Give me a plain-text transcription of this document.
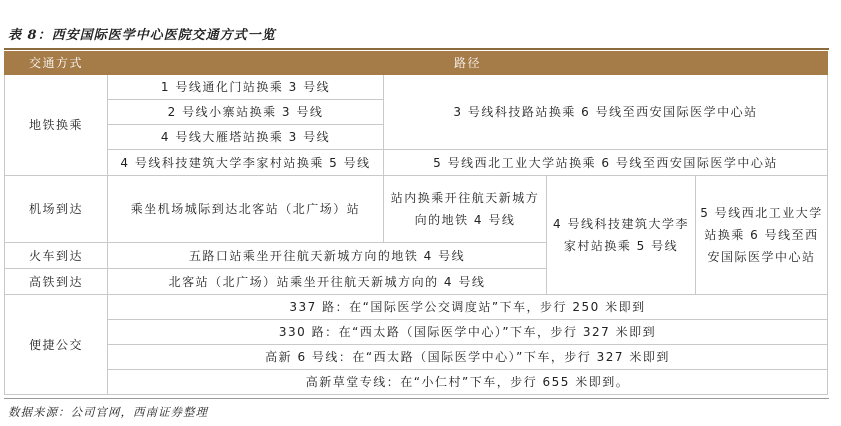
表 8：西安国际医学中心医院交通方式一览
交通方式	路径			
地铁换乘	1 号线通化门站换乘 3 号线	3 号线科技路站换乘 6 号线至西安国际医学中心站		
	2 号线小寨站换乘 3 号线			
	4 号线大雁塔站换乘 3 号线			
	4 号线科技建筑大学李家村站换乘 5 号线	5 号线西北工业大学站换乘 6 号线至西安国际医学中心站		
机场到达	乘坐机场城际到达北客站（北广场）站	站内换乘开往航天新城方向的地铁 4 号线	4 号线科技建筑大学李家村站换乘 5 号线	5 号线西北工业大学站换乘 6 号线至西安国际医学中心站
火车到达	五路口站乘坐开往航天新城方向的地铁 4 号线			
高铁到达	北客站（北广场）站乘坐开往航天新城方向的 4 号线			
便捷公交	337 路：在“国际医学公交调度站”下车，步行 250 米即到			
	330 路：在“西太路（国际医学中心）”下车，步行 327 米即到			
	高新 6 号线：在“西太路（国际医学中心）”下车，步行 327 米即到			
	高新草堂专线：在“小仁村”下车，步行 655 米即到。			
数据来源：公司官网，西南证券整理
